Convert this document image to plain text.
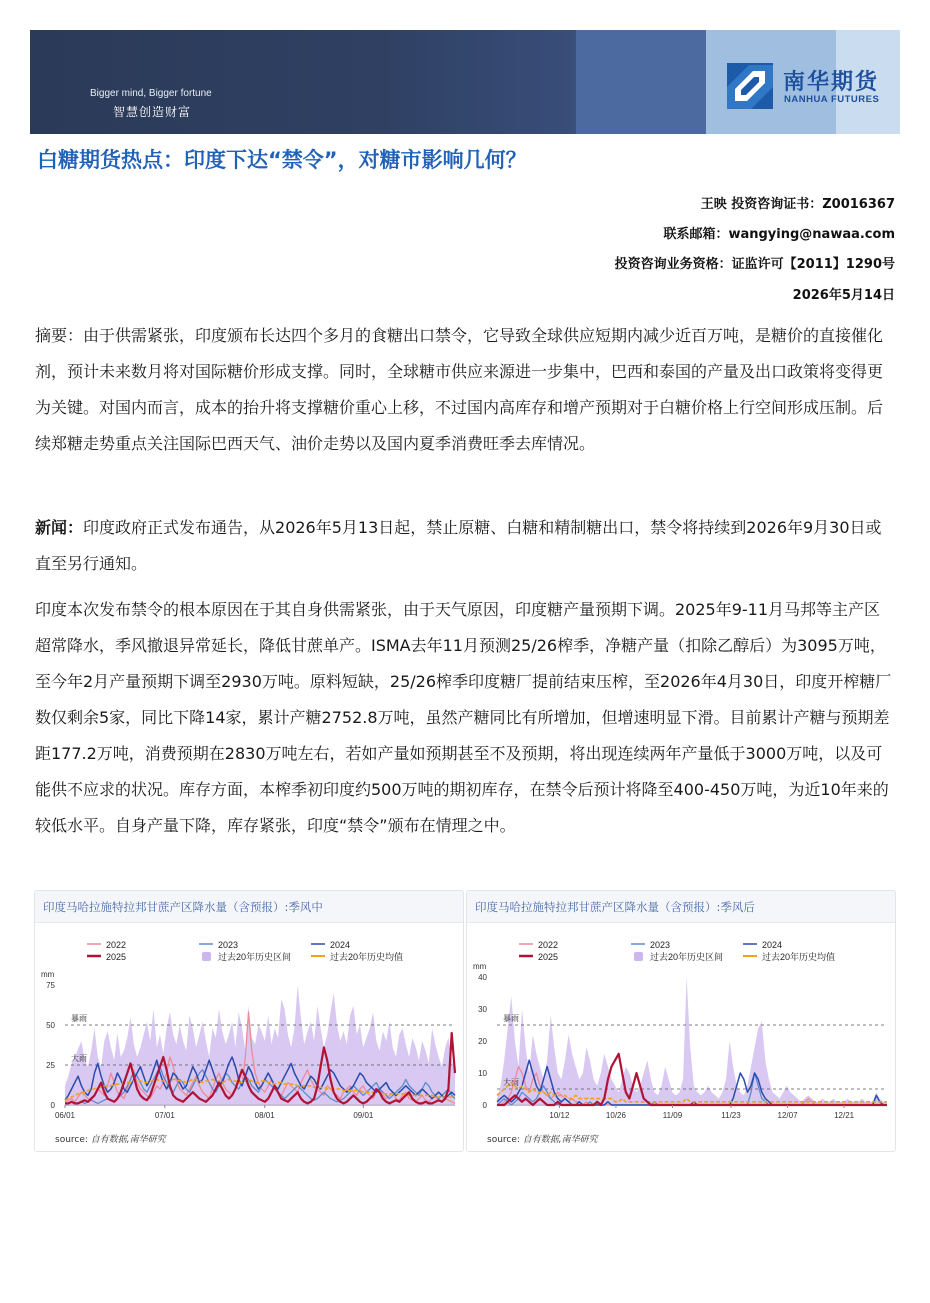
Bigger mind, Bigger fortune
智慧创造财富
南华期货
NANHUA FUTURES
白糖期货热点：印度下达“禁令”，对糖市影响几何？
王映 投资咨询证书：Z0016367
联系邮箱：wangying@nawaa.com
投资咨询业务资格：证监许可【2011】1290号
2026年5月14日
摘要：由于供需紧张，印度颁布长达四个多月的食糖出口禁令，它导致全球供应短期内减少近百万吨，是糖价的直接催化剂，预计未来数月将对国际糖价形成支撑。同时，全球糖市供应来源进一步集中，巴西和泰国的产量及出口政策将变得更为关键。对国内而言，成本的抬升将支撑糖价重心上移，不过国内高库存和增产预期对于白糖价格上行空间形成压制。后续郑糖走势重点关注国际巴西天气、油价走势以及国内夏季消费旺季去库情况。
新闻：印度政府正式发布通告，从2026年5月13日起，禁止原糖、白糖和精制糖出口，禁令将持续到2026年9月30日或直至另行通知。
印度本次发布禁令的根本原因在于其自身供需紧张，由于天气原因，印度糖产量预期下调。2025年9-11月马邦等主产区超常降水，季风撤退异常延长，降低甘蔗单产。ISMA去年11月预测25/26榨季，净糖产量（扣除乙醇后）为3095万吨，至今年2月产量预期下调至2930万吨。原料短缺，25/26榨季印度糖厂提前结束压榨，至2026年4月30日，印度开榨糖厂数仅剩余5家，同比下降14家，累计产糖2752.8万吨，虽然产糖同比有所增加，但增速明显下滑。目前累计产糖与预期差距177.2万吨，消费预期在2830万吨左右，若如产量如预期甚至不及预期，将出现连续两年产量低于3000万吨，以及可能供不应求的状况。库存方面，本榨季初印度约500万吨的期初库存，在禁令后预计将降至400-450万吨，为近10年来的较低水平。自身产量下降，库存紧张，印度“禁令”颁布在情理之中。
印度马哈拉施特拉邦甘蔗产区降水量（含预报）:季风中
2022	2023	2024
2025	过去20年历史区间	过去20年历史均值
mm
0
25
50
75
暴雨
大雨
06/01	07/01	08/01	09/01
source: 自有数据,南华研究
印度马哈拉施特拉邦甘蔗产区降水量（含预报）:季风后
2022	2023	2024
2025	过去20年历史区间	过去20年历史均值
mm
0
10
20
30
40
暴雨
大雨
10/12	10/26	11/09	11/23	12/07	12/21
source: 自有数据,南华研究
